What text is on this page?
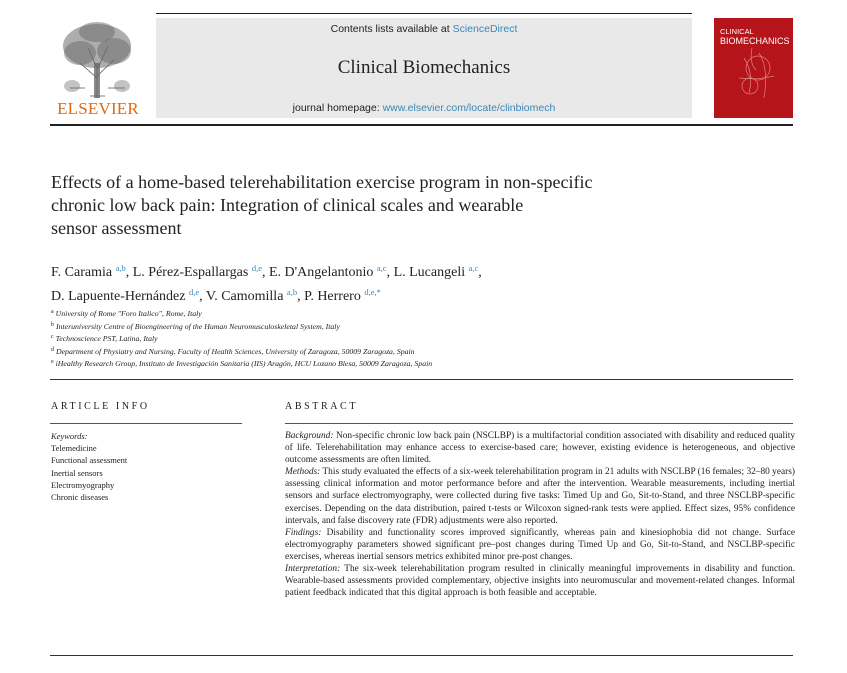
ELSEVIER
Contents lists available at ScienceDirect
Clinical Biomechanics
journal homepage: www.elsevier.com/locate/clinbiomech
CLINICAL
BIOMECHANICS
Effects of a home-based telerehabilitation exercise program in non-specific
chronic low back pain: Integration of clinical scales and wearable
sensor assessment
F. Caramia $^{a,b}$, L. Pérez-Espallargas $^{d,e}$, E. D'Angelantonio $^{a,c}$, L. Lucangeli $^{a,c}$,
D. Lapuente-Hernández $^{d,e}$, V. Camomilla $^{a,b}$, P. Herrero $^{d,e,*}$
$^a$ University of Rome "Foro Italico", Rome, Italy
$^b$ Interuniversity Centre of Bioengineering of the Human Neuromusculoskeletal System, Italy
$^c$ Technoscience PST, Latina, Italy
$^d$ Department of Physiatry and Nursing, Faculty of Health Sciences, University of Zaragoza, 50009 Zaragoza, Spain
$^e$ iHealthy Research Group, Instituto de Investigación Sanitaria (IIS) Aragón, HCU Lozano Blesa, 50009 Zaragoza, Spain
ARTICLE INFO
Keywords:
Telemedicine
Functional assessment
Inertial sensors
Electromyography
Chronic diseases
ABSTRACT

Background: Non-specific chronic low back pain (NSCLBP) is a multifactorial condition associated with disability and reduced quality of life. Telerehabilitation may enhance access to exercise-based care; however, existing evidence is heterogeneous, and objective outcome assessments are often limited.

Methods: This study evaluated the effects of a six-week telerehabilitation program in 21 adults with NSCLBP (16 females; 32–80 years) assessing clinical information and motor performance before and after the intervention. Wearable measurements, including inertial sensors and surface electromyography, were collected during five tasks: Timed Up and Go, Sit-to-Stand, and three NSCLBP-specific exercises. Depending on the data distribution, paired t-tests or Wilcoxon signed-rank tests were applied. Effect sizes, 95% confidence intervals, and false discovery rate (FDR) adjustments were also reported.

Findings: Disability and functionality scores improved significantly, whereas pain and kinesiophobia did not change. Surface electromyography parameters showed significant pre–post changes during Timed Up and Go, Sit-to-Stand, and NSCLBP-specific exercises, whereas inertial sensors metrics exhibited minor pre-post changes.

Interpretation: The six-week telerehabilitation program resulted in clinically meaningful improvements in disability and function. Wearable-based assessments provided complementary, objective insights into neuromuscular and movement-related changes. Informal patient feedback indicated that this digital approach is both feasible and acceptable.
